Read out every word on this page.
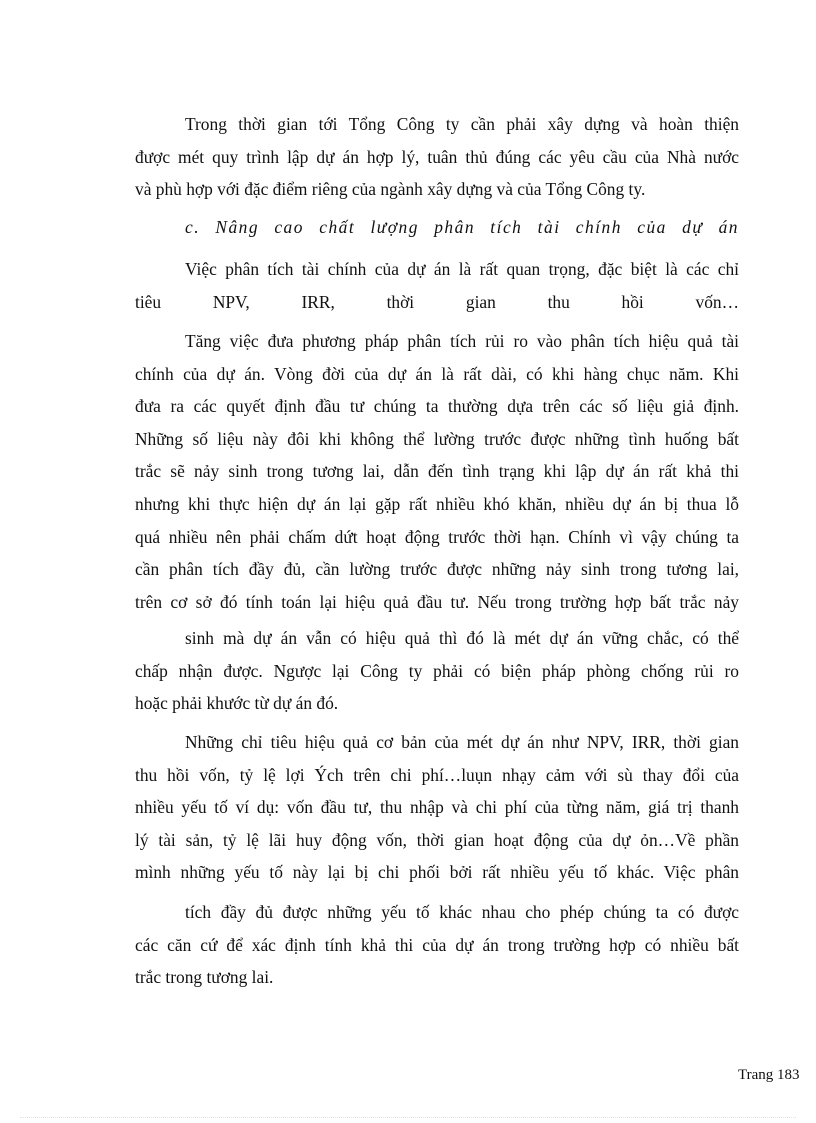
Trong thời gian tới Tổng Công ty cần phải xây dựng và hoàn thiện
được mét quy trình lập dự án hợp lý, tuân thủ đúng các yêu cầu của Nhà nước
và phù hợp với đặc điểm riêng của ngành xây dựng và của Tổng Công ty.
c. Nâng cao chất lượng phân tích tài chính của dự án
Việc phân tích tài chính của dự án là rất quan trọng, đặc biệt là các chỉ
tiêu NPV, IRR, thời gian thu hồi vốn…
Tăng việc đưa phương pháp phân tích rủi ro vào phân tích hiệu quả tài
chính của dự án. Vòng đời của dự án là rất dài, có khi hàng chục năm. Khi
đưa ra các quyết định đầu tư chúng ta thường dựa trên các số liệu giả định.
Những số liệu này đôi khi không thể lường trước được những tình huống bất
trắc sẽ nảy sinh trong tương lai, dẫn đến tình trạng khi lập dự án rất khả thi
nhưng khi thực hiện dự án lại gặp rất nhiều khó khăn, nhiều dự án bị thua lỗ
quá nhiều nên phải chấm dứt hoạt động trước thời hạn. Chính vì vậy chúng ta
cần phân tích đầy đủ, cần lường trước được những nảy sinh trong tương lai,
trên cơ sở đó tính toán lại hiệu quả đầu tư. Nếu trong trường hợp bất trắc nảy
sinh mà dự án vẫn có hiệu quả thì đó là mét dự án vững chắc, có thể
chấp nhận được. Ngược lại Công ty phải có biện pháp phòng chống rủi ro
hoặc phải khước từ dự án đó.
Những chỉ tiêu hiệu quả cơ bản của mét dự án như NPV, IRR, thời gian
thu hồi vốn, tỷ lệ lợi Ých trên chi phí…luụn nhạy cảm với sù thay đổi của
nhiều yếu tố ví dụ: vốn đầu tư, thu nhập và chi phí của từng năm, giá trị thanh
lý tài sản, tỷ lệ lãi huy động vốn, thời gian hoạt động của dự ỏn…Về phần
mình những yếu tố này lại bị chi phối bởi rất nhiều yếu tố khác. Việc phân
tích đầy đủ được những yếu tố khác nhau cho phép chúng ta có được
các căn cứ để xác định tính khả thi của dự án trong trường hợp có nhiều bất
trắc trong tương lai.
Trang 183
